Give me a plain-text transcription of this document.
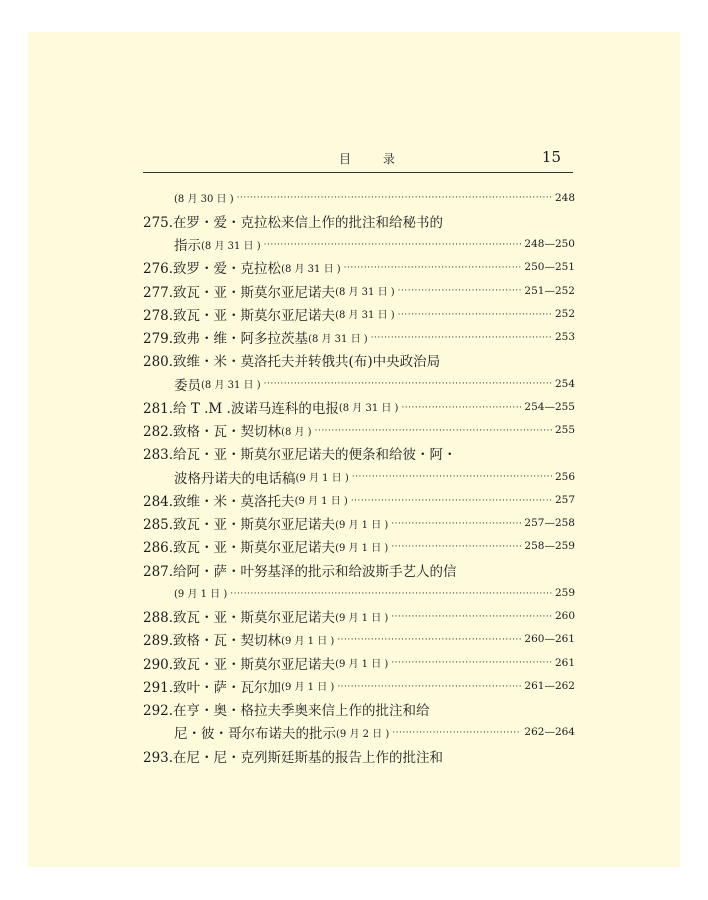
目 录	15
(8 月 30 日 ) ·····	248
275.在罗・爱・克拉松来信上作的批注和给秘书的
指示 (8 月 31 日 ) ·····	248—250
276.致罗・爱・克拉松 (8 月 31 日 ) ·····	250—251
277.致瓦・亚・斯莫尔亚尼诺夫 (8 月 31 日 ) ·····	251—252
278.致瓦・亚・斯莫尔亚尼诺夫 (8 月 31 日 ) ·····	252
279.致弗・维・阿多拉茨基 (8 月 31 日 ) ·····	253
280.致维・米・莫洛托夫并转俄共(布)中央政治局
委员 (8 月 31 日 ) ·····	254
281.给 T .M .波诺马连科的电报 (8 月 31 日 ) ·····	254—255
282.致格・瓦・契切林 (8 月 ) ·····	255
283.给瓦・亚・斯莫尔亚尼诺夫的便条和给彼・阿・
波格丹诺夫的电话稿 (9 月 1 日 ) ·····	256
284.致维・米・莫洛托夫 (9 月 1 日 ) ·····	257
285.致瓦・亚・斯莫尔亚尼诺夫 (9 月 1 日 ) ·····	257—258
286.致瓦・亚・斯莫尔亚尼诺夫 (9 月 1 日 ) ·····	258—259
287.给阿・萨・叶努基泽的批示和给波斯手艺人的信
(9 月 1 日 ) ·····	259
288.致瓦・亚・斯莫尔亚尼诺夫 (9 月 1 日 ) ·····	260
289.致格・瓦・契切林 (9 月 1 日 ) ·····	260—261
290.致瓦・亚・斯莫尔亚尼诺夫 (9 月 1 日 ) ·····	261
291.致叶・萨・瓦尔加 (9 月 1 日 ) ·····	261—262
292.在亨・奥・格拉夫季奥来信上作的批注和给
尼・彼・哥尔布诺夫的批示 (9 月 2 日 ) ·····	262—264
293.在尼・尼・克列斯廷斯基的报告上作的批注和
